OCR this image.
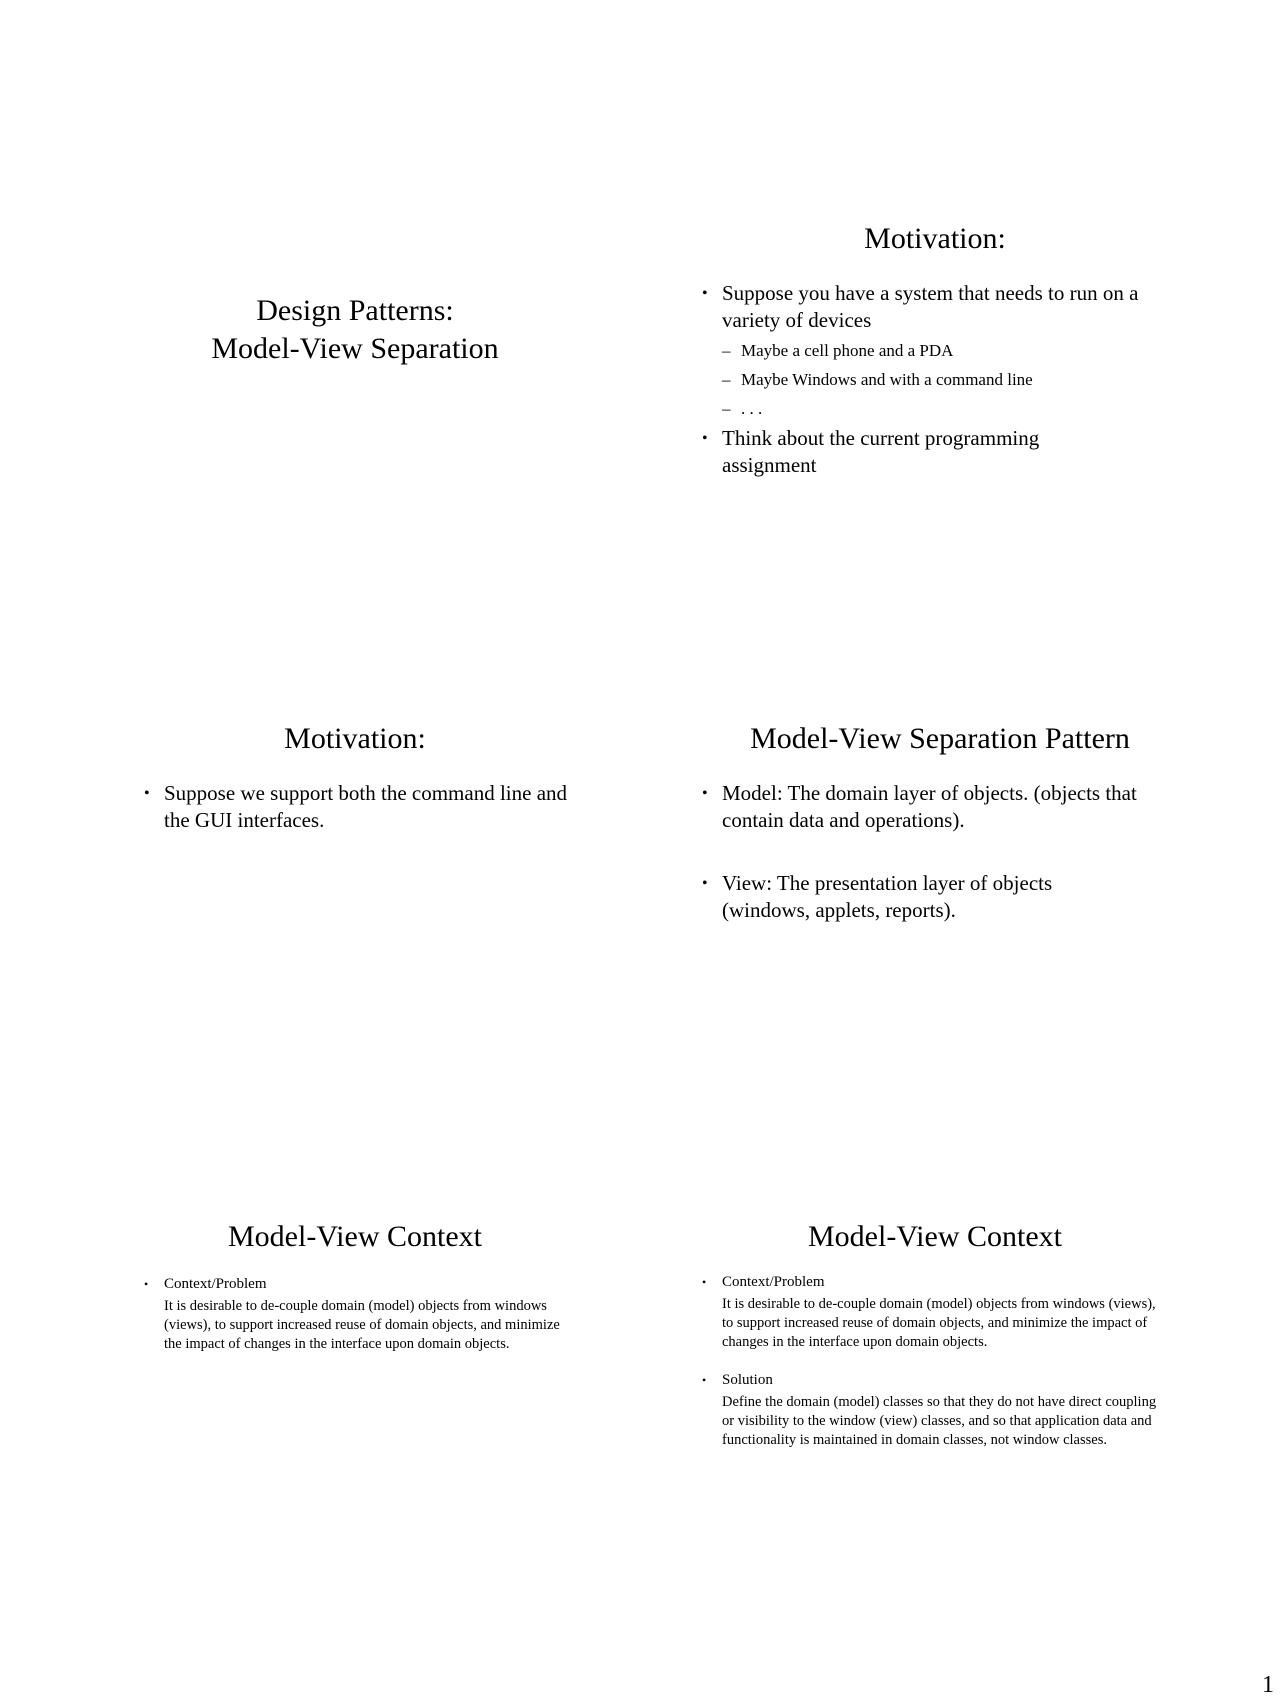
Design Patterns:
Model-View Separation
Motivation:
• Suppose you have a system that needs to run on a variety of devices
– Maybe a cell phone and a PDA
– Maybe Windows and with a command line
– . . .
• Think about the current programming assignment
Motivation:
• Suppose we support both the command line and the GUI interfaces.
Model-View Separation Pattern
• Model: The domain layer of objects. (objects that contain data and operations).
• View: The presentation layer of objects (windows, applets, reports).
Model-View Context
• Context/Problem
It is desirable to de-couple domain (model) objects from windows (views), to support increased reuse of domain objects, and minimize the impact of changes in the interface upon domain objects.
Model-View Context
• Context/Problem
It is desirable to de-couple domain (model) objects from windows (views), to support increased reuse of domain objects, and minimize the impact of changes in the interface upon domain objects.
• Solution
Define the domain (model) classes so that they do not have direct coupling or visibility to the window (view) classes, and so that application data and functionality is maintained in domain classes, not window classes.
1
